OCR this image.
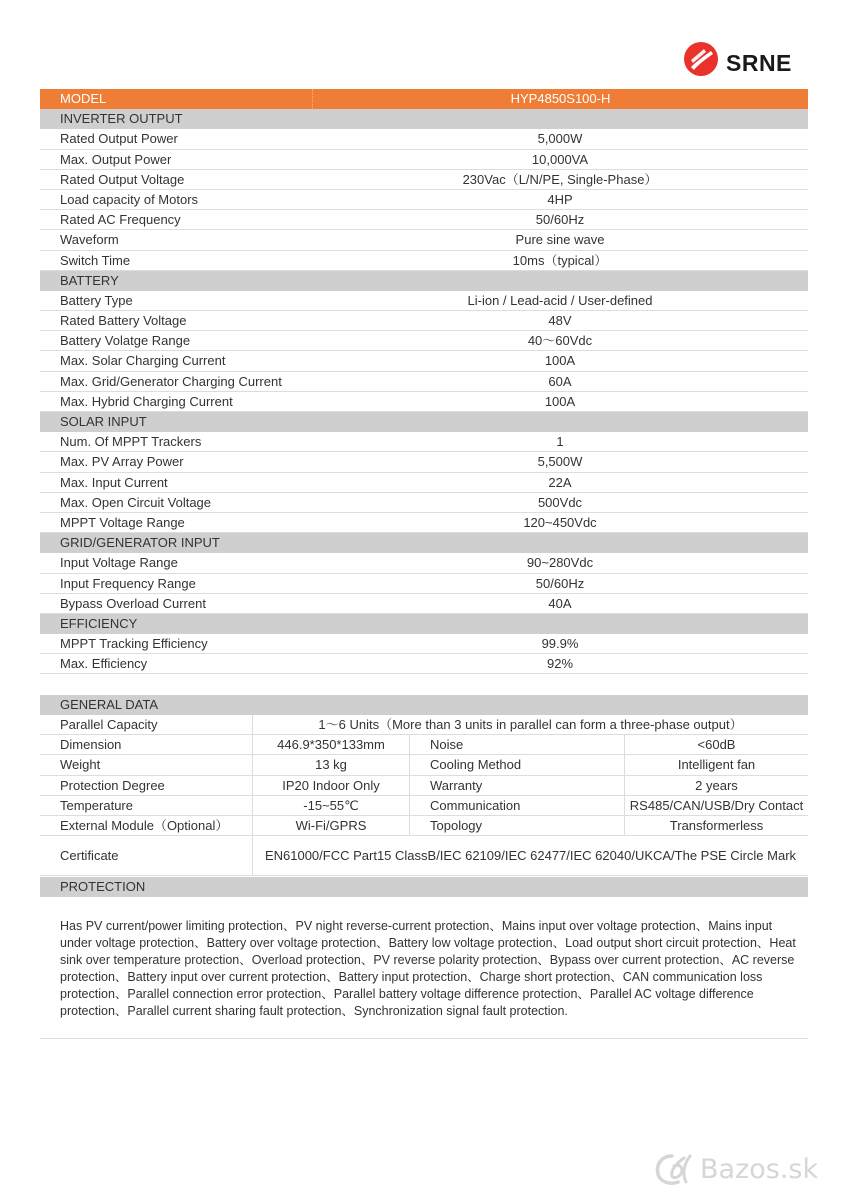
SRNE
MODEL	HYP4850S100-H
INVERTER OUTPUT
Rated Output Power	5,000W
Max. Output Power	10,000VA
Rated Output Voltage	230Vac（L/N/PE, Single-Phase）
Load capacity of Motors	4HP
Rated AC Frequency	50/60Hz
Waveform	Pure sine wave
Switch Time	10ms（typical）
BATTERY
Battery Type	Li-ion / Lead-acid / User-defined
Rated Battery Voltage	48V
Battery Volatge Range	40～60Vdc
Max. Solar Charging Current	100A
Max. Grid/Generator Charging Current	60A
Max. Hybrid Charging Current	100A
SOLAR INPUT
Num. Of MPPT Trackers	1
Max. PV Array Power	5,500W
Max. Input Current	22A
Max. Open Circuit Voltage	500Vdc
MPPT Voltage Range	120~450Vdc
GRID/GENERATOR INPUT
Input Voltage Range	90~280Vdc
Input Frequency Range	50/60Hz
Bypass Overload Current	40A
EFFICIENCY
MPPT Tracking Efficiency	99.9%
Max. Efficiency	92%
GENERAL DATA
Parallel Capacity	1～6 Units（More than 3 units in parallel can form a three-phase output）
Dimension	446.9*350*133mm	Noise	<60dB
Weight	13 kg	Cooling Method	Intelligent fan
Protection Degree	IP20 Indoor Only	Warranty	2 years
Temperature	-15~55℃	Communication	RS485/CAN/USB/Dry Contact
External Module（Optional）	Wi-Fi/GPRS	Topology	Transformerless
Certificate	EN61000/FCC Part15 ClassB/IEC 62109/IEC 62477/IEC 62040/UKCA/The PSE Circle Mark
PROTECTION
Has PV current/power limiting protection、PV night reverse-current protection、Mains input over voltage protection、Mains input under voltage protection、Battery over voltage protection、Battery low voltage protection、Load output short circuit protection、Heat sink over temperature protection、Overload protection、PV reverse polarity protection、Bypass over current protection、AC reverse protection、Battery input over current protection、Battery input protection、Charge short protection、CAN communication loss protection、Parallel connection error protection、Parallel battery voltage difference protection、Parallel AC voltage difference protection、Parallel current sharing fault protection、Synchronization signal fault protection.
Bazos.sk
